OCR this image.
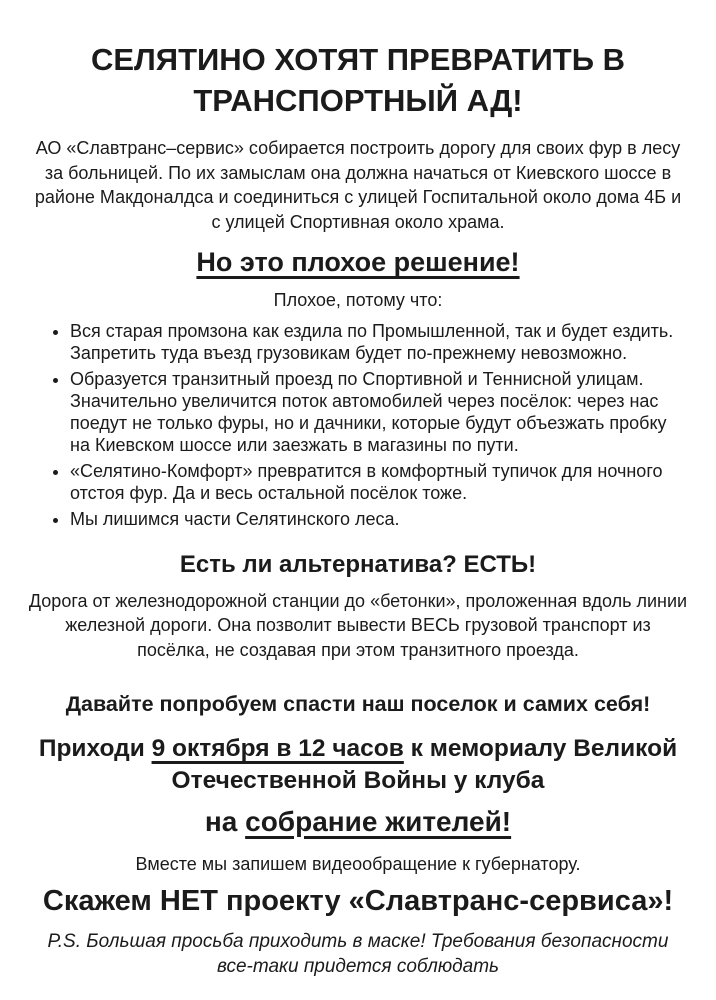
СЕЛЯТИНО ХОТЯТ ПРЕВРАТИТЬ В
ТРАНСПОРТНЫЙ АД!

АО «Славтранс–сервис» собирается построить дорогу для своих фур в лесу за больницей. По их замыслам она должна начаться от Киевского шоссе в районе Макдоналдса и соединиться с улицей Госпитальной около дома 4Б и с улицей Спортивная около храма.

Но это плохое решение!

Плохое, потому что:

• Вся старая промзона как ездила по Промышленной, так и будет ездить. Запретить туда въезд грузовикам будет по-прежнему невозможно.
• Образуется транзитный проезд по Спортивной и Теннисной улицам. Значительно увеличится поток автомобилей через посёлок: через нас поедут не только фуры, но и дачники, которые будут объезжать пробку на Киевском шоссе или заезжать в магазины по пути.
• «Селятино-Комфорт» превратится в комфортный тупичок для ночного отстоя фур. Да и весь остальной посёлок тоже.
• Мы лишимся части Селятинского леса.
Есть ли альтернатива? ЕСТЬ!

Дорога от железнодорожной станции до «бетонки», проложенная вдоль линии железной дороги. Она позволит вывести ВЕСЬ грузовой транспорт из посёлка, не создавая при этом транзитного проезда.

Давайте попробуем спасти наш поселок и самих себя!

Приходи 9 октября в 12 часов к мемориалу Великой Отечественной Войны у клуба

на собрание жителей!

Вместе мы запишем видеообращение к губернатору.

Скажем НЕТ проекту «Славтранс-сервиса»!

P.S. Большая просьба приходить в маске! Требования безопасности все-таки придется соблюдать
